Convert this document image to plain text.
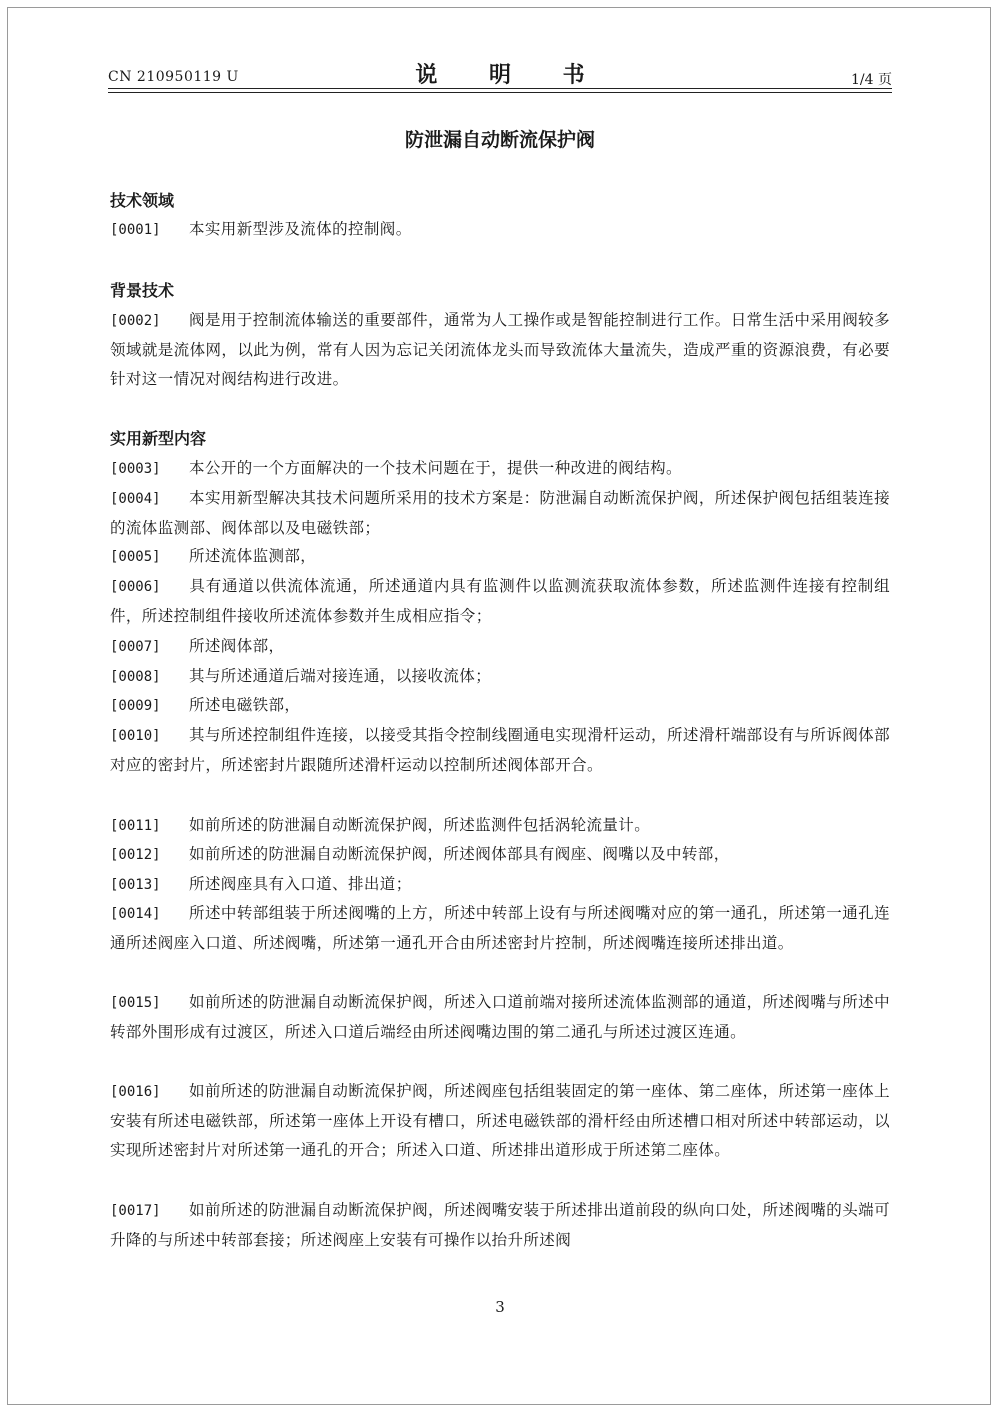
CN 210950119 U	说 明 书	1/4 页
防泄漏自动断流保护阀
技术领域
[0001] 本实用新型涉及流体的控制阀。
背景技术
[0002] 阀是用于控制流体输送的重要部件，通常为人工操作或是智能控制进行工作。日常生活中采用阀较多领域就是流体网，以此为例，常有人因为忘记关闭流体龙头而导致流体大量流失，造成严重的资源浪费，有必要针对这一情况对阀结构进行改进。
实用新型内容
[0003] 本公开的一个方面解决的一个技术问题在于，提供一种改进的阀结构。
[0004] 本实用新型解决其技术问题所采用的技术方案是：防泄漏自动断流保护阀，所述保护阀包括组装连接的流体监测部、阀体部以及电磁铁部；
[0005] 所述流体监测部，
[0006] 具有通道以供流体流通，所述通道内具有监测件以监测流获取流体参数，所述监测件连接有控制组件，所述控制组件接收所述流体参数并生成相应指令；
[0007] 所述阀体部，
[0008] 其与所述通道后端对接连通，以接收流体；
[0009] 所述电磁铁部，
[0010] 其与所述控制组件连接，以接受其指令控制线圈通电实现滑杆运动，所述滑杆端部设有与所诉阀体部对应的密封片，所述密封片跟随所述滑杆运动以控制所述阀体部开合。
[0011] 如前所述的防泄漏自动断流保护阀，所述监测件包括涡轮流量计。
[0012] 如前所述的防泄漏自动断流保护阀，所述阀体部具有阀座、阀嘴以及中转部，
[0013] 所述阀座具有入口道、排出道；
[0014] 所述中转部组装于所述阀嘴的上方，所述中转部上设有与所述阀嘴对应的第一通孔，所述第一通孔连通所述阀座入口道、所述阀嘴，所述第一通孔开合由所述密封片控制，所述阀嘴连接所述排出道。
[0015] 如前所述的防泄漏自动断流保护阀，所述入口道前端对接所述流体监测部的通道，所述阀嘴与所述中转部外围形成有过渡区，所述入口道后端经由所述阀嘴边围的第二通孔与所述过渡区连通。
[0016] 如前所述的防泄漏自动断流保护阀，所述阀座包括组装固定的第一座体、第二座体，所述第一座体上安装有所述电磁铁部，所述第一座体上开设有槽口，所述电磁铁部的滑杆经由所述槽口相对所述中转部运动，以实现所述密封片对所述第一通孔的开合；所述入口道、所述排出道形成于所述第二座体。
[0017] 如前所述的防泄漏自动断流保护阀，所述阀嘴安装于所述排出道前段的纵向口处，所述阀嘴的头端可升降的与所述中转部套接；所述阀座上安装有可操作以抬升所述阀
3
